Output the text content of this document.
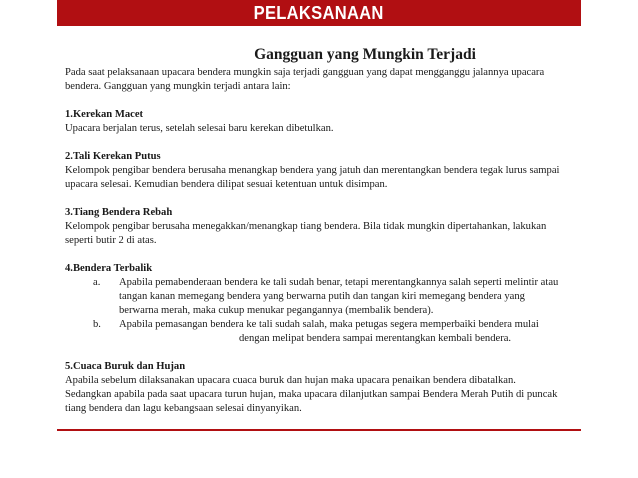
PELAKSANAAN
Gangguan yang Mungkin Terjadi

Pada saat pelaksanaan upacara bendera mungkin saja terjadi gangguan yang dapat mengganggu jalannya upacara

bendera. Gangguan yang mungkin terjadi antara lain:

1.Kerekan Macet

Upacara berjalan terus, setelah selesai baru kerekan dibetulkan.

2.Tali Kerekan Putus

Kelompok pengibar bendera berusaha menangkap bendera yang jatuh dan merentangkan bendera tegak lurus sampai

upacara selesai. Kemudian bendera dilipat sesuai ketentuan untuk disimpan.

3.Tiang Bendera Rebah

Kelompok pengibar berusaha menegakkan/menangkap tiang bendera. Bila tidak mungkin dipertahankan, lakukan

seperti butir 2 di atas.

4.Bendera Terbalik

a.	Apabila pemabenderaan bendera ke tali sudah benar, tetapi merentangkannya salah seperti melintir atau

tangan kanan memegang bendera yang berwarna putih dan tangan kiri memegang bendera yang

berwarna merah, maka cukup menukar pegangannya (membalik bendera).

b.	Apabila pemasangan bendera ke tali sudah salah, maka petugas segera memperbaiki bendera mulai

dengan melipat bendera sampai merentangkan kembali bendera.

5.Cuaca Buruk dan Hujan

Apabila sebelum dilaksanakan upacara cuaca buruk dan hujan maka upacara penaikan bendera dibatalkan.

Sedangkan apabila pada saat upacara turun hujan, maka upacara dilanjutkan sampai Bendera Merah Putih di puncak

tiang bendera dan lagu kebangsaan selesai dinyanyikan.
